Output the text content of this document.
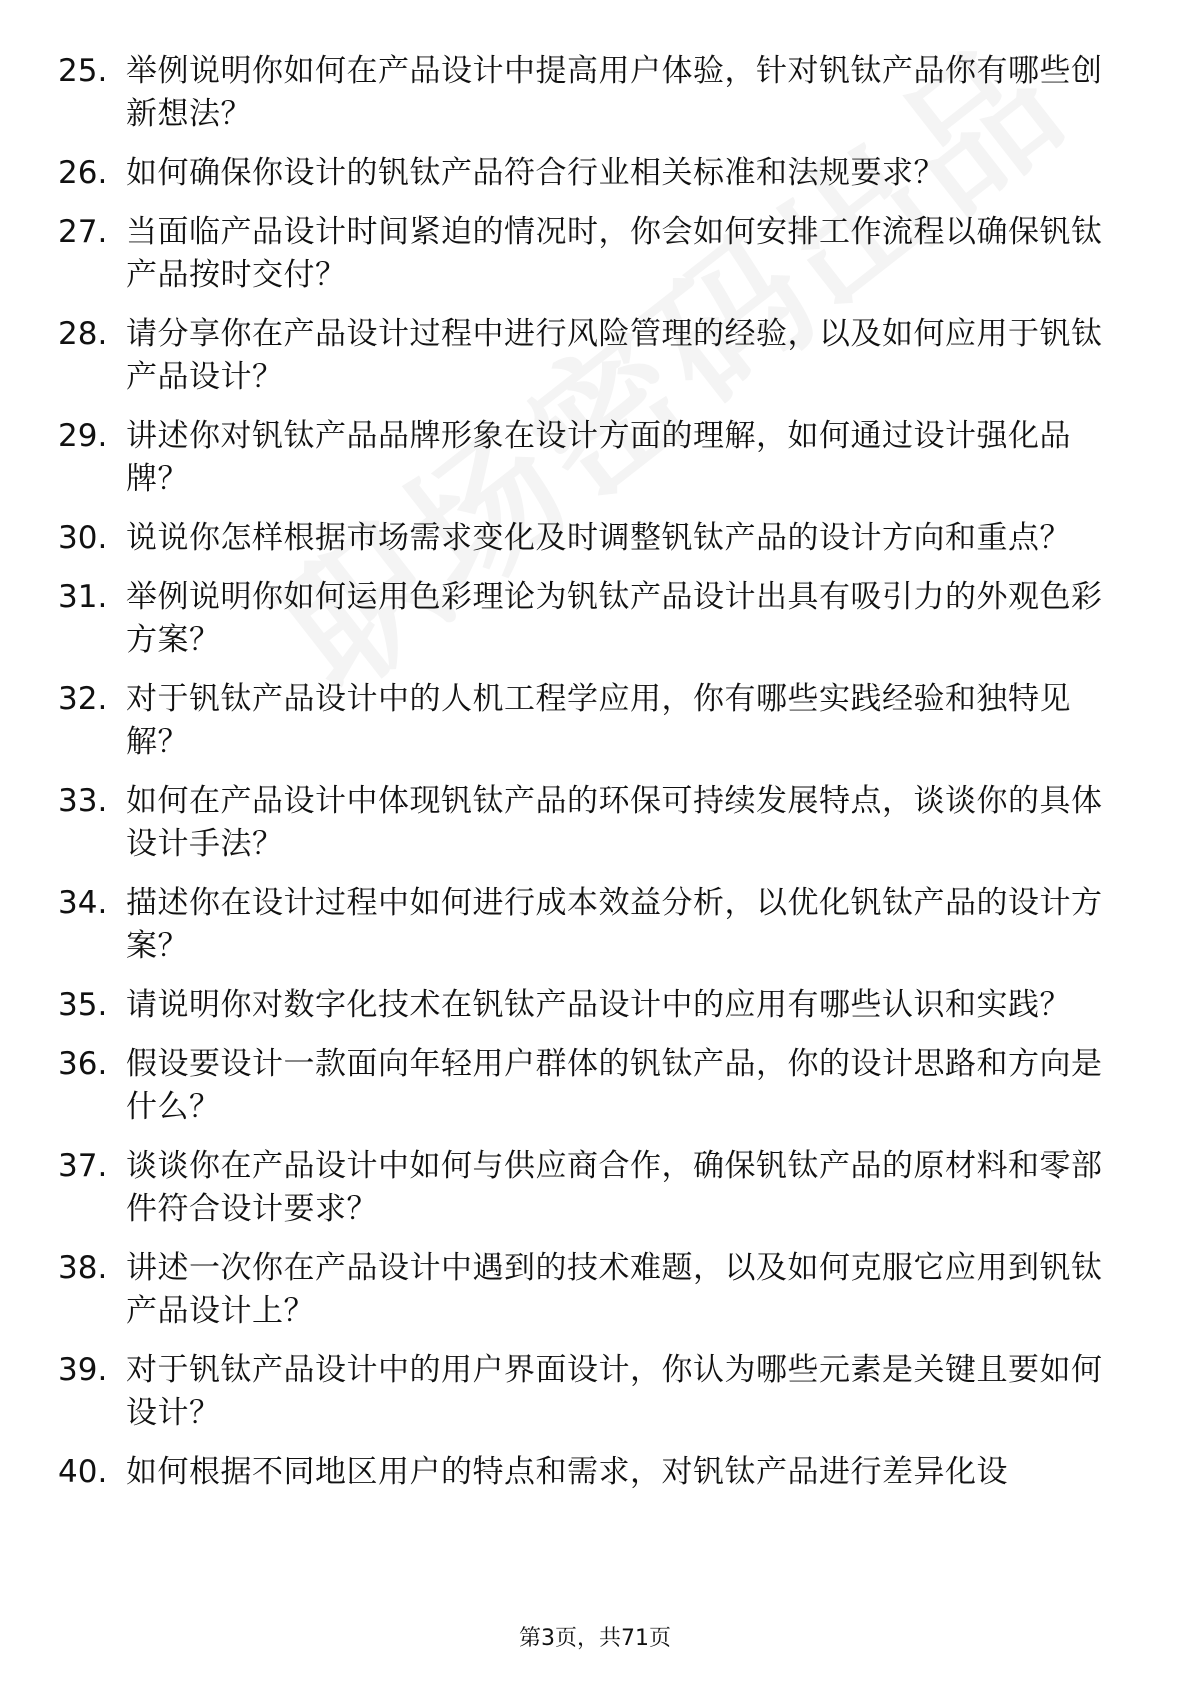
25. 举例说明你如何在产品设计中提高用户体验，针对钒钛产品你有哪些创新想法？
26. 如何确保你设计的钒钛产品符合行业相关标准和法规要求？
27. 当面临产品设计时间紧迫的情况时，你会如何安排工作流程以确保钒钛产品按时交付？
28. 请分享你在产品设计过程中进行风险管理的经验，以及如何应用于钒钛产品设计？
29. 讲述你对钒钛产品品牌形象在设计方面的理解，如何通过设计强化品牌？
30. 说说你怎样根据市场需求变化及时调整钒钛产品的设计方向和重点？
31. 举例说明你如何运用色彩理论为钒钛产品设计出具有吸引力的外观色彩方案？
32. 对于钒钛产品设计中的人机工程学应用，你有哪些实践经验和独特见解？
33. 如何在产品设计中体现钒钛产品的环保可持续发展特点，谈谈你的具体设计手法？
34. 描述你在设计过程中如何进行成本效益分析，以优化钒钛产品的设计方案？
35. 请说明你对数字化技术在钒钛产品设计中的应用有哪些认识和实践？
36. 假设要设计一款面向年轻用户群体的钒钛产品，你的设计思路和方向是什么？
37. 谈谈你在产品设计中如何与供应商合作，确保钒钛产品的原材料和零部件符合设计要求？
38. 讲述一次你在产品设计中遇到的技术难题，以及如何克服它应用到钒钛产品设计上？
39. 对于钒钛产品设计中的用户界面设计，你认为哪些元素是关键且要如何设计？
40. 如何根据不同地区用户的特点和需求，对钒钛产品进行差异化设
第3页，共71页
